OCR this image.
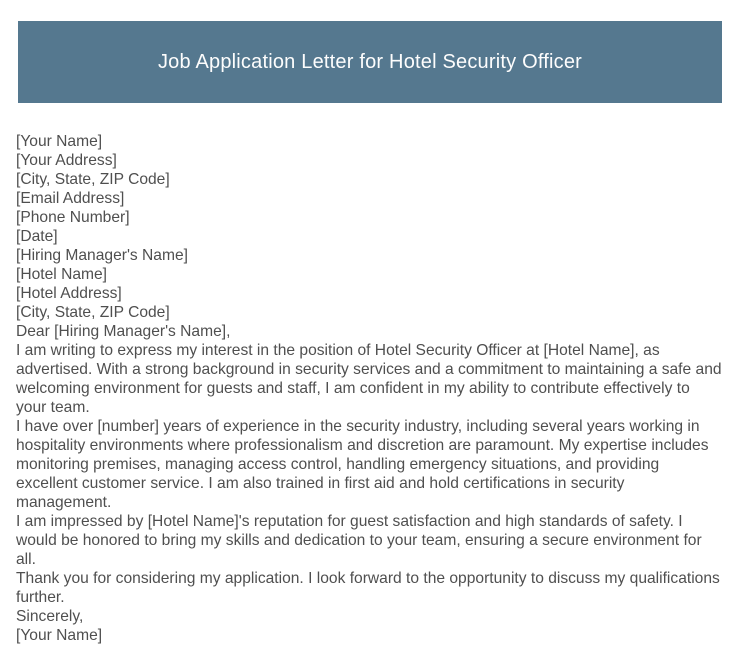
Job Application Letter for Hotel Security Officer
[Your Name]
[Your Address]
[City, State, ZIP Code]
[Email Address]
[Phone Number]
[Date]
[Hiring Manager's Name]
[Hotel Name]
[Hotel Address]
[City, State, ZIP Code]
Dear [Hiring Manager's Name],

I am writing to express my interest in the position of Hotel Security Officer at [Hotel Name], as advertised. With a strong background in security services and a commitment to maintaining a safe and welcoming environment for guests and staff, I am confident in my ability to contribute effectively to your team.

I have over [number] years of experience in the security industry, including several years working in hospitality environments where professionalism and discretion are paramount. My expertise includes monitoring premises, managing access control, handling emergency situations, and providing excellent customer service. I am also trained in first aid and hold certifications in security management.

I am impressed by [Hotel Name]'s reputation for guest satisfaction and high standards of safety. I would be honored to bring my skills and dedication to your team, ensuring a secure environment for all.

Thank you for considering my application. I look forward to the opportunity to discuss my qualifications further.

Sincerely,
[Your Name]
